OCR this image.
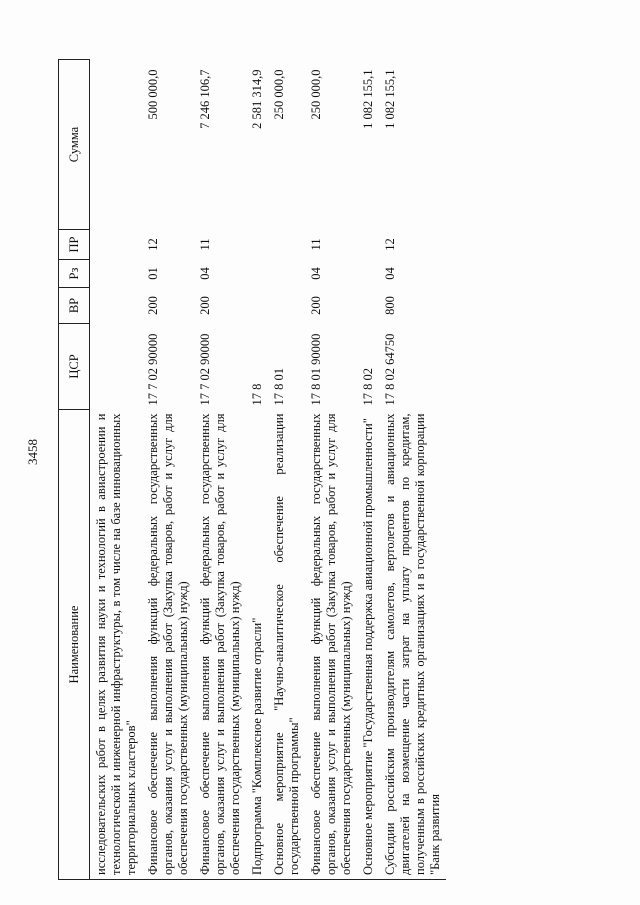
3458
Наименование	ЦСР	ВР	Рз	ПР	Сумма
исследовательских работ в целях развития науки и технологий в авиастроении и технологической и инженерной инфраструктуры, в том числе на базе инновационных территориальных кластеров"					
Финансовое обеспечение выполнения функций федеральных государственных органов, оказания услуг и выполнения работ (Закупка товаров, работ и услуг для обеспечения государственных (муниципальных) нужд)	17 7 02 90000	200	01	12	500 000,0
Финансовое обеспечение выполнения функций федеральных государственных органов, оказания услуг и выполнения работ (Закупка товаров, работ и услуг для обеспечения государственных (муниципальных) нужд)	17 7 02 90000	200	04	11	7 246 106,7
Подпрограмма "Комплексное развитие отрасли"	17 8				2 581 314,9
Основное мероприятие "Научно-аналитическое обеспечение реализации государственной программы"	17 8 01				250 000,0
Финансовое обеспечение выполнения функций федеральных государственных органов, оказания услуг и выполнения работ (Закупка товаров, работ и услуг для обеспечения государственных (муниципальных) нужд)	17 8 01 90000	200	04	11	250 000,0
Основное мероприятие "Государственная поддержка авиационной промышленности"	17 8 02				1 082 155,1
Субсидии российским производителям самолетов, вертолетов и авиационных двигателей на возмещение части затрат на уплату процентов по кредитам, полученным в российских кредитных организациях и в государственной корпорации "Банк развития	17 8 02 64750	800	04	12	1 082 155,1
